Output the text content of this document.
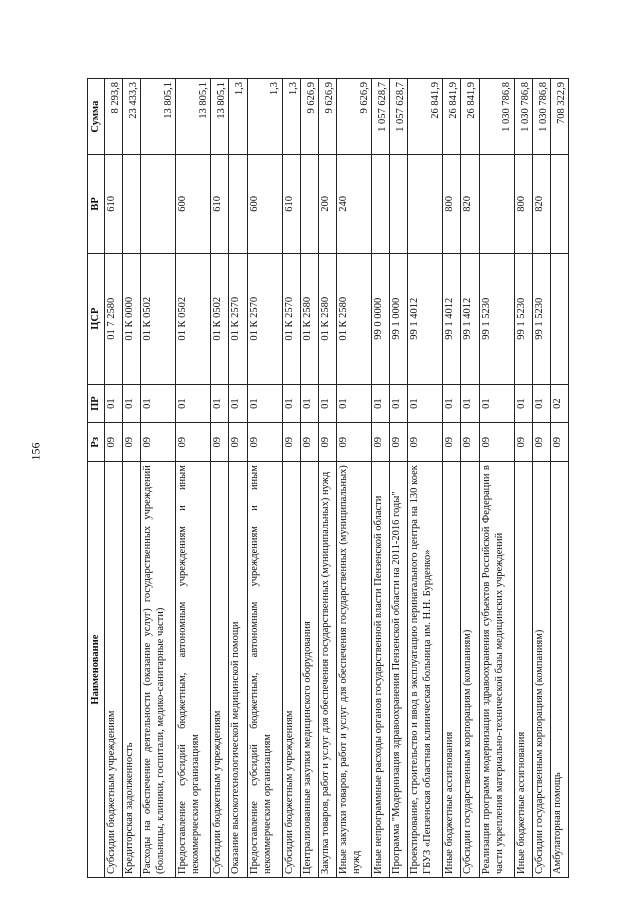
156
Наименование	Рз	ПР	ЦСР	ВР	Сумма
Субсидии бюджетным учреждениям	09	01	01 7 2580	610	8 293,8
Кредиторская задолженность	09	01	01 К 0000		23 433,3
Расходы на обеспечение деятельности (оказание услуг) государственных учреждений (больницы, клиники, госпитали, медико-санитарные части)	09	01	01 К 0502		13 805,1
Предоставление субсидий бюджетным, автономным учреждениям и иным некоммерческим организациям	09	01	01 К 0502	600	13 805,1
Субсидии бюджетным учреждениям	09	01	01 К 0502	610	13 805,1
Оказание высокотехнологической медицинской помощи	09	01	01 К 2570		1,3
Предоставление субсидий бюджетным, автономным учреждениям и иным некоммерческим организациям	09	01	01 К 2570	600	1,3
Субсидии бюджетным учреждениям	09	01	01 К 2570	610	1,3
Централизованные закупки медицинского оборудования	09	01	01 К 2580		9 626,9
Закупка товаров, работ и услуг для обеспечения государственных (муниципальных) нужд	09	01	01 К 2580	200	9 626,9
Иные закупки товаров, работ и услуг для обеспечения государственных (муниципальных) нужд	09	01	01 К 2580	240	9 626,9
Иные непрограммные расходы органов государственной власти Пензенской области	09	01	99 0 0000		1 057 628,7
Программа "Модернизация здравоохранения Пензенской области на 2011-2016 годы"	09	01	99 1 0000		1 057 628,7
Проектирование, строительство и ввод в эксплуатацию перинатального центра на 130 коек ГБУЗ «Пензенская областная клиническая больница им. Н.Н. Бурденко»	09	01	99 1 4012		26 841,9
Иные бюджетные ассигнования	09	01	99 1 4012	800	26 841,9
Субсидии государственным корпорациям (компаниям)	09	01	99 1 4012	820	26 841,9
Реализация программ модернизации здравоохранения субъектов Российской Федерации в части укрепления материально-технической базы медицинских учреждений	09	01	99 1 5230		1 030 786,8
Иные бюджетные ассигнования	09	01	99 1 5230	800	1 030 786,8
Субсидии государственным корпорациям (компаниям)	09	01	99 1 5230	820	1 030 786,8
Амбулаторная помощь	09	02			708 322,9
